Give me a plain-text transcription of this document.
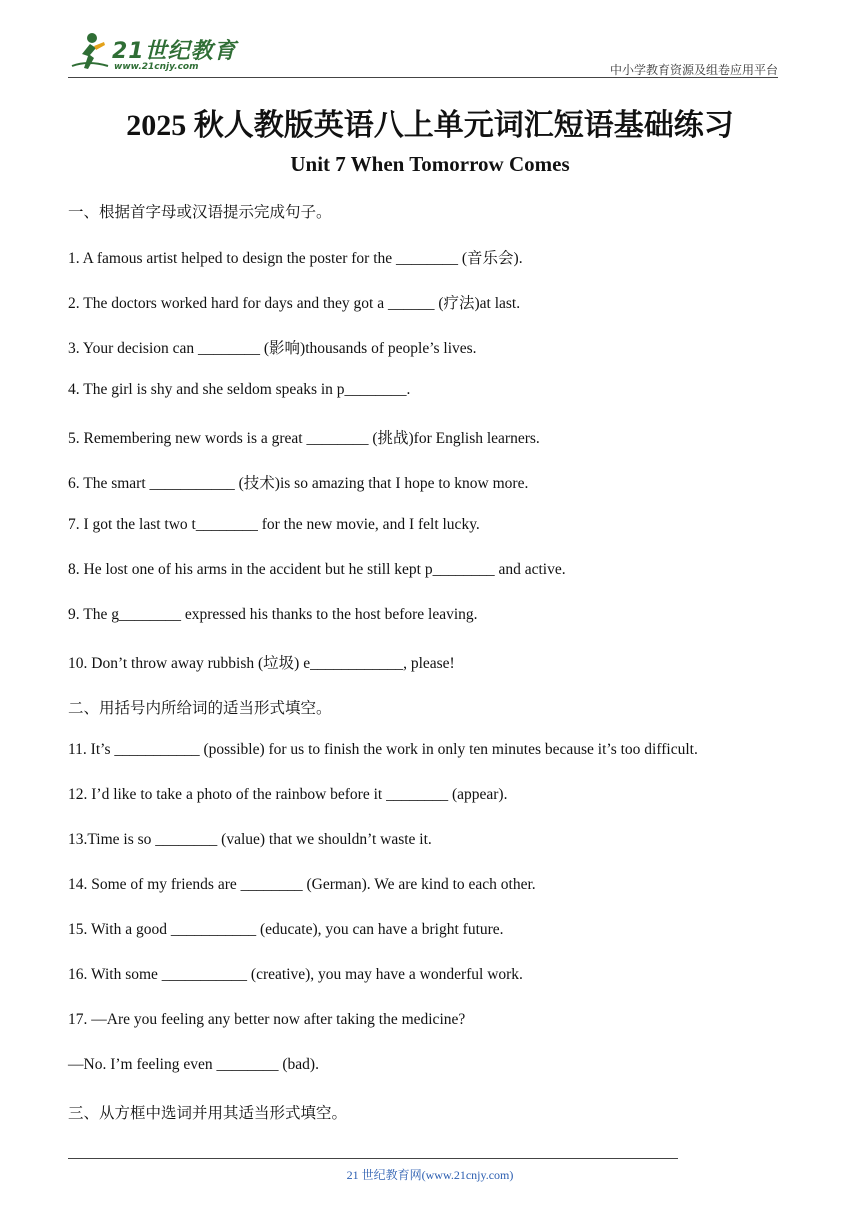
21世纪教育
www.21cnjy.com	中小学教育资源及组卷应用平台
2025 秋人教版英语八上单元词汇短语基础练习
Unit 7 When Tomorrow Comes
一、根据首字母或汉语提示完成句子。
1. A famous artist helped to design the poster for the ________ (音乐会).
2. The doctors worked hard for days and they got a ______ (疗法)at last.
3. Your decision can ________ (影响)thousands of people’s lives.
4. The girl is shy and she seldom speaks in p________.
5. Remembering new words is a great ________ (挑战)for English learners.
6. The smart ___________ (技术)is so amazing that I hope to know more.
7. I got the last two t________ for the new movie, and I felt lucky.
8. He lost one of his arms in the accident but he still kept p________ and active.
9. The g________ expressed his thanks to the host before leaving.
10. Don’t throw away rubbish (垃圾) e____________, please!
二、用括号内所给词的适当形式填空。
11. It’s ___________ (possible) for us to finish the work in only ten minutes because it’s too difficult.
12. I’d like to take a photo of the rainbow before it ________ (appear).
13.Time is so ________ (value) that we shouldn’t waste it.
14. Some of my friends are ________ (German). We are kind to each other.
15. With a good ___________ (educate), you can have a bright future.
16. With some ___________ (creative), you may have a wonderful work.
17. —Are you feeling any better now after taking the medicine?
—No. I’m feeling even ________ (bad).
三、从方框中选词并用其适当形式填空。
21 世纪教育网(www.21cnjy.com)
